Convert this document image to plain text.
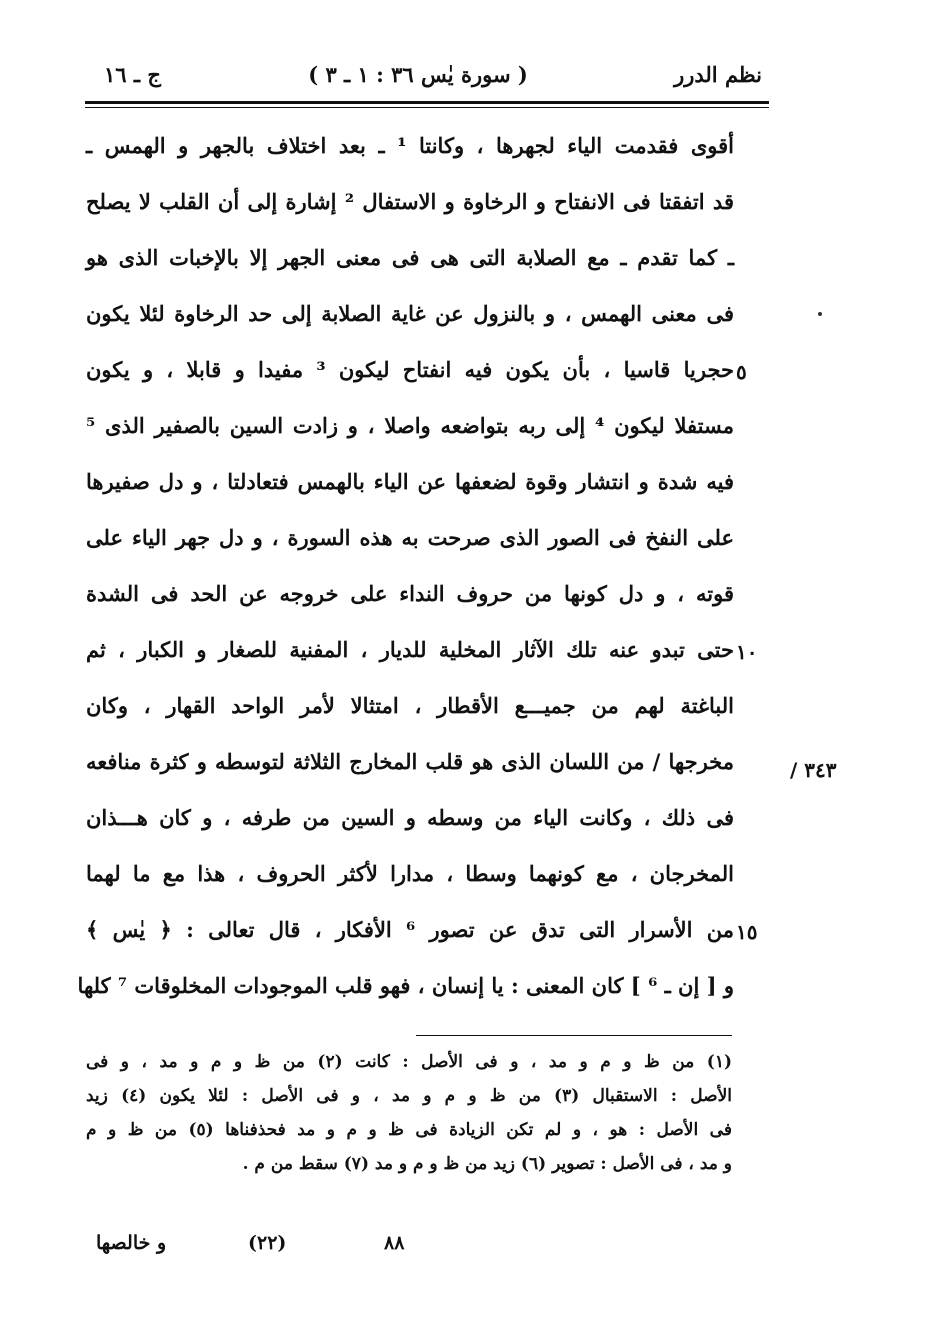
نظم الدرر
( سورة يٰس ٣٦ : ١ ـ ٣ )
ج ـ ١٦
أقوى فقدمت الياء لجهرها ، وكانتا ¹ ـ بعد اختلاف بالجهر و الهمس ـ
قد اتفقتا فى الانفتاح و الرخاوة و الاستفال ² إشارة إلى أن القلب لا يصلح
ـ كما تقدم ـ مع الصلابة التى هى فى معنى الجهر إلا بالإخبات الذى هو
فى معنى الهمس ، و بالنزول عن غاية الصلابة إلى حد الرخاوة لئلا يكون
حجريا قاسيا ، بأن يكون فيه انفتاح ليكون ³ مفيدا و قابلا ، و يكون
مستفلا ليكون ⁴ إلى ربه بتواضعه واصلا ، و زادت السين بالصفير الذى ⁵
فيه شدة و انتشار وقوة لضعفها عن الياء بالهمس فتعادلتا ، و دل صفيرها
على النفخ فى الصور الذى صرحت به هذه السورة ، و دل جهر الياء على
قوته ، و دل كونها من حروف النداء على خروجه عن الحد فى الشدة
حتى تبدو عنه تلك الآثار المخلية للديار ، المفنية للصغار و الكبار ، ثم
الباغتة لهم من جميـــع الأقطار ، امتثالا لأمر الواحد القهار ، وكان
مخرجها / من اللسان الذى هو قلب المخارج الثلاثة لتوسطه و كثرة منافعه
فى ذلك ، وكانت الياء من وسطه و السين من طرفه ، و كان هـــذان
المخرجان ، مع كونهما وسطا ، مدارا لأكثر الحروف ، هذا مع ما لهما
من الأسرار التى تدق عن تصور ⁶ الأفكار ، قال تعالى : ﴿ يٰس ﴾
و [ إن ـ ⁶ ] كان المعنى : يا إنسان ، فهو قلب الموجودات المخلوقات ⁷ كلها
٥
١٠
١٥
٣٤٣ /
(١) من ظ و م و مد ، و فى الأصل : كانت (٢) من ظ و م و مد ، و فى
الأصل : الاستقبال (٣) من ظ و م و مد ، و فى الأصل : لئلا يكون (٤) زيد
فى الأصل : هو ، و لم تكن الزيادة فى ظ و م و مد فحذفناها (٥) من ظ و م
و مد ، فى الأصل : تصوير (٦) زيد من ظ و م و مد (٧) سقط من م .
و خالصها	(٢٢)	٨٨
